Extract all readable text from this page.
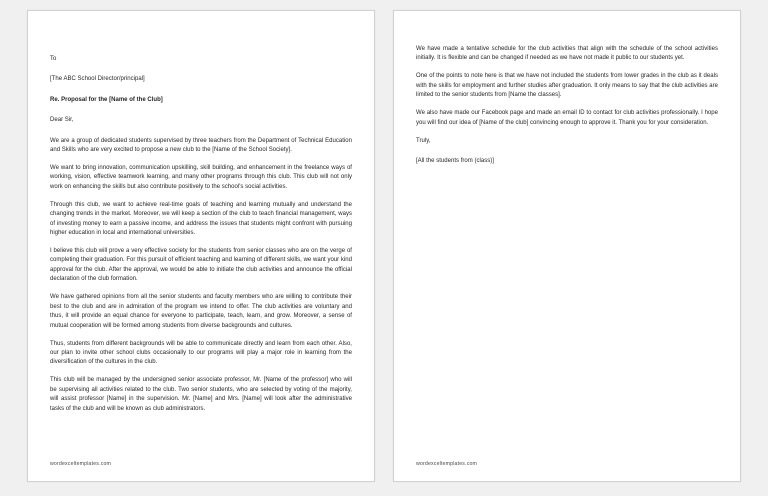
To

[The ABC School Director/principal]

Re. Proposal for the [Name of the Club]

Dear Sir,

We are a group of dedicated students supervised by three teachers from the Department of Technical Education and Skills who are very excited to propose a new club to the [Name of the School Society].

We want to bring innovation, communication upskilling, skill building, and enhancement in the freelance ways of working, vision, effective teamwork learning, and many other programs through this club. This club will not only work on enhancing the skills but also contribute positively to the school's social activities.

Through this club, we want to achieve real-time goals of teaching and learning mutually and understand the changing trends in the market. Moreover, we will keep a section of the club to teach financial management, ways of investing money to earn a passive income, and address the issues that students might confront with pursuing higher education in local and international universities.

I believe this club will prove a very effective society for the students from senior classes who are on the verge of completing their graduation. For this pursuit of efficient teaching and learning of different skills, we want your kind approval for the club. After the approval, we would be able to initiate the club activities and announce the official declaration of the club formation.

We have gathered opinions from all the senior students and faculty members who are willing to contribute their best to the club and are in admiration of the program we intend to offer. The club activities are voluntary and thus, it will provide an equal chance for everyone to participate, teach, learn, and grow. Moreover, a sense of mutual cooperation will be formed among students from diverse backgrounds and cultures.

Thus, students from different backgrounds will be able to communicate directly and learn from each other. Also, our plan to invite other school clubs occasionally to our programs will play a major role in learning from the diversification of the cultures in the club.

This club will be managed by the undersigned senior associate professor, Mr. [Name of the professor] who will be supervising all activities related to the club. Two senior students, who are selected by voting of the majority, will assist professor [Name] in the supervision. Mr. [Name] and Mrs. [Name] will look after the administrative tasks of the club and will be known as club administrators.

wordexceltemplates.com

We have made a tentative schedule for the club activities that align with the schedule of the school activities initially. It is flexible and can be changed if needed as we have not made it public to our students yet.

One of the points to note here is that we have not included the students from lower grades in the club as it deals with the skills for employment and further studies after graduation. It only means to say that the club activities are limited to the senior students from [Name the classes].

We also have made our Facebook page and made an email ID to contact for club activities professionally. I hope you will find our idea of [Name of the club] convincing enough to approve it. Thank you for your consideration.

Truly,

[All the students from (class)]

wordexceltemplates.com
